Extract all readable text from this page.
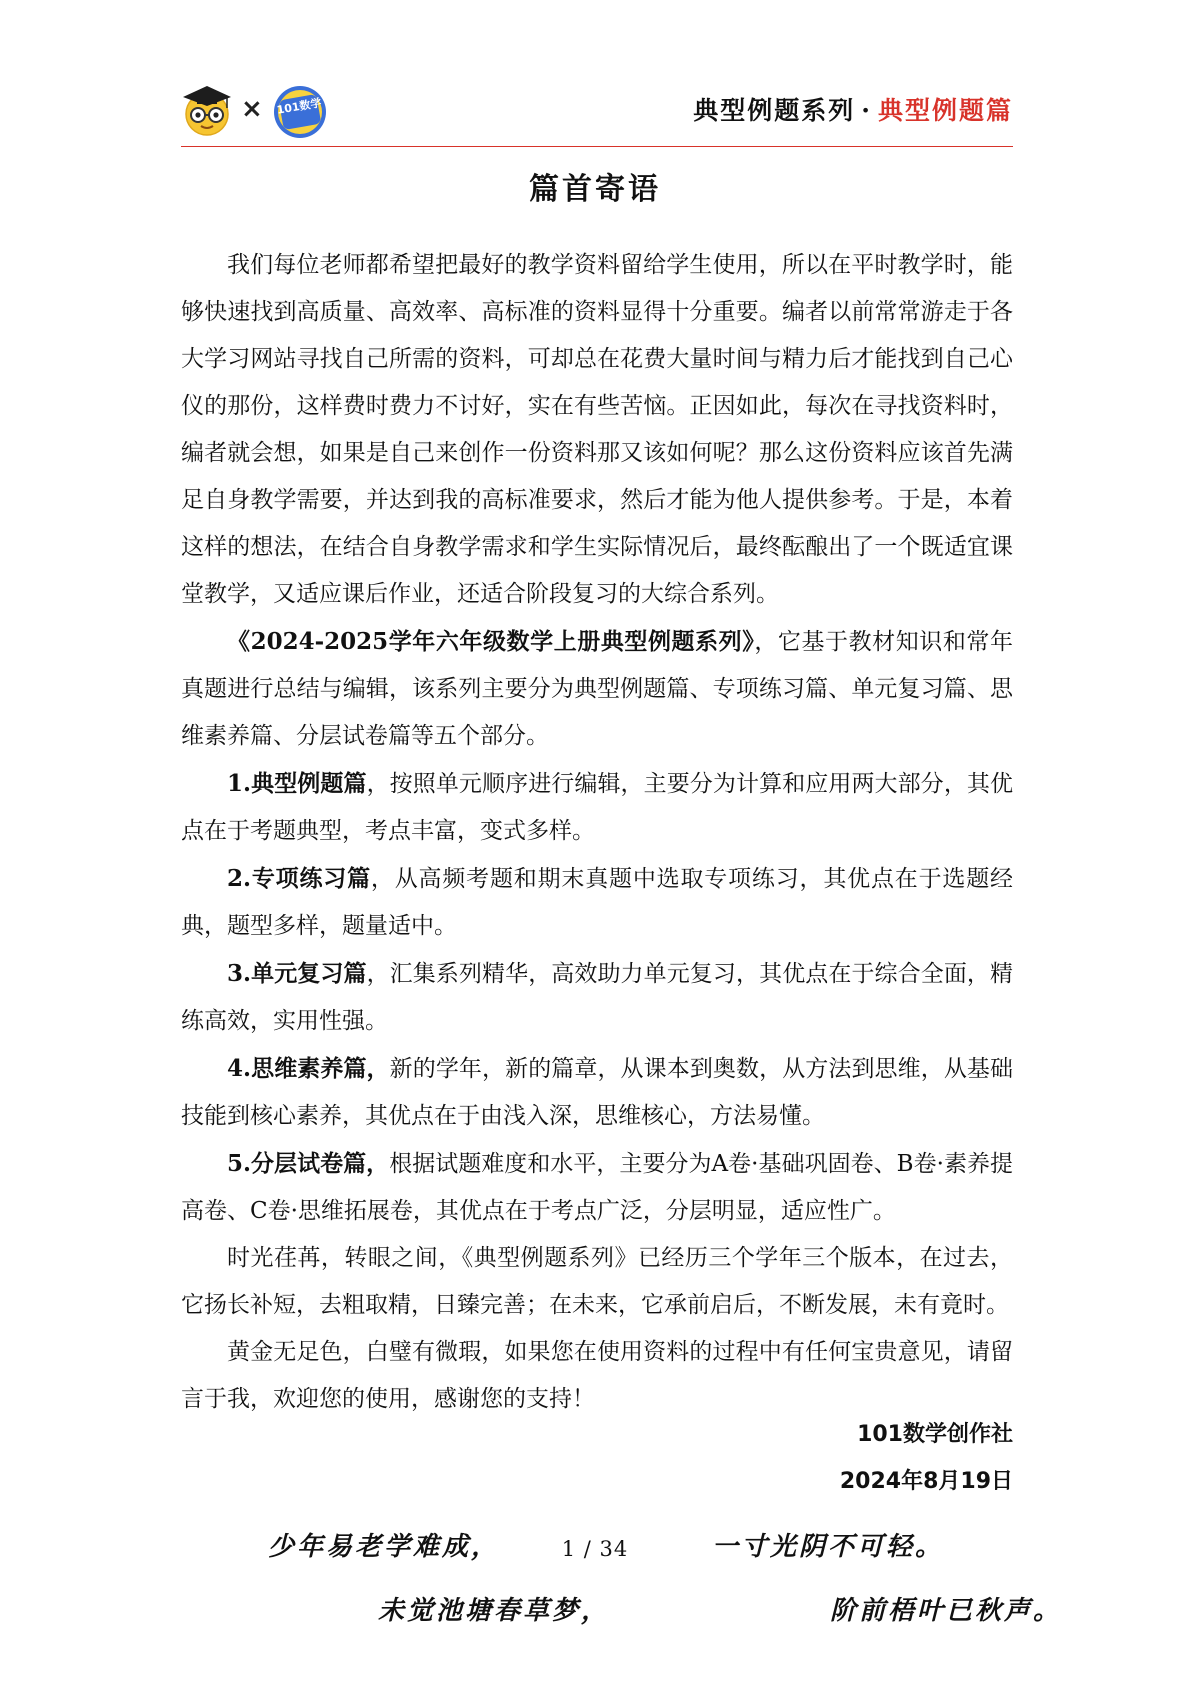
× 101数学	典型例题系列 · 典型例题篇
篇首寄语

我们每位老师都希望把最好的教学资料留给学生使用，所以在平时教学时，能够快速找到高质量、高效率、高标准的资料显得十分重要。编者以前常常游走于各大学习网站寻找自己所需的资料，可却总在花费大量时间与精力后才能找到自己心仪的那份，这样费时费力不讨好，实在有些苦恼。正因如此，每次在寻找资料时，编者就会想，如果是自己来创作一份资料那又该如何呢？那么这份资料应该首先满足自身教学需要，并达到我的高标准要求，然后才能为他人提供参考。于是，本着这样的想法，在结合自身教学需求和学生实际情况后，最终酝酿出了一个既适宜课堂教学，又适应课后作业，还适合阶段复习的大综合系列。

《2024-2025学年六年级数学上册典型例题系列》，它基于教材知识和常年真题进行总结与编辑，该系列主要分为典型例题篇、专项练习篇、单元复习篇、思维素养篇、分层试卷篇等五个部分。

1.典型例题篇，按照单元顺序进行编辑，主要分为计算和应用两大部分，其优点在于考题典型，考点丰富，变式多样。

2.专项练习篇，从高频考题和期末真题中选取专项练习，其优点在于选题经典，题型多样，题量适中。

3.单元复习篇，汇集系列精华，高效助力单元复习，其优点在于综合全面，精练高效，实用性强。

4.思维素养篇，新的学年，新的篇章，从课本到奥数，从方法到思维，从基础技能到核心素养，其优点在于由浅入深，思维核心，方法易懂。

5.分层试卷篇，根据试题难度和水平，主要分为A卷·基础巩固卷、B卷·素养提高卷、C卷·思维拓展卷，其优点在于考点广泛，分层明显，适应性广。

时光荏苒，转眼之间，《典型例题系列》已经历三个学年三个版本，在过去，它扬长补短，去粗取精，日臻完善；在未来，它承前启后，不断发展，未有竟时。

黄金无足色，白璧有微瑕，如果您在使用资料的过程中有任何宝贵意见，请留言于我，欢迎您的使用，感谢您的支持！

101数学创作社
2024年8月19日
少年易老学难成，	1 / 34	一寸光阴不可轻。
未觉池塘春草梦，	阶前梧叶已秋声。
